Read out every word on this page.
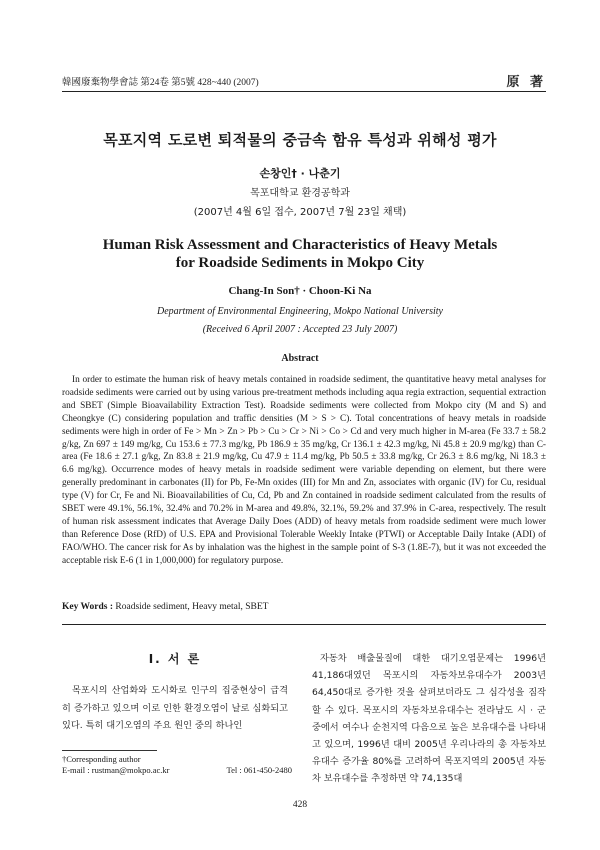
韓國廢棄物學會誌 第24卷 第5號 428~440 (2007)	原 著
목포지역 도로변 퇴적물의 중금속 함유 특성과 위해성 평가
손창인† · 나춘기
목포대학교 환경공학과
(2007년 4월 6일 접수, 2007년 7월 23일 채택)
Human Risk Assessment and Characteristics of Heavy Metals
for Roadside Sediments in Mokpo City
Chang-In Son† · Choon-Ki Na
Department of Environmental Engineering, Mokpo National University
(Received 6 April 2007 : Accepted 23 July 2007)
Abstract
In order to estimate the human risk of heavy metals contained in roadside sediment, the quantitative heavy metal analyses for roadside sediments were carried out by using various pre-treatment methods including aqua regia extraction, sequential extraction and SBET (Simple Bioavailability Extraction Test). Roadside sediments were collected from Mokpo city (M and S) and Cheongkye (C) considering population and traffic densities (M > S > C). Total concentrations of heavy metals in roadside sediments were high in order of Fe > Mn > Zn > Pb > Cu > Cr > Ni > Co > Cd and very much higher in M-area (Fe 33.7 ± 58.2 g/kg, Zn 697 ± 149 mg/kg, Cu 153.6 ± 77.3 mg/kg, Pb 186.9 ± 35 mg/kg, Cr 136.1 ± 42.3 mg/kg, Ni 45.8 ± 20.9 mg/kg) than C-area (Fe 18.6 ± 27.1 g/kg, Zn 83.8 ± 21.9 mg/kg, Cu 47.9 ± 11.4 mg/kg, Pb 50.5 ± 33.8 mg/kg, Cr 26.3 ± 8.6 mg/kg, Ni 18.3 ± 6.6 mg/kg). Occurrence modes of heavy metals in roadside sediment were variable depending on element, but there were generally predominant in carbonates (II) for Pb, Fe-Mn oxides (III) for Mn and Zn, associates with organic (IV) for Cu, residual type (V) for Cr, Fe and Ni. Bioavailabilities of Cu, Cd, Pb and Zn contained in roadside sediment calculated from the results of SBET were 49.1%, 56.1%, 32.4% and 70.2% in M-area and 49.8%, 32.1%, 59.2% and 37.9% in C-area, respectively. The result of human risk assessment indicates that Average Daily Does (ADD) of heavy metals from roadside sediment were much lower than Reference Dose (RfD) of U.S. EPA and Provisional Tolerable Weekly Intake (PTWI) or Acceptable Daily Intake (ADI) of FAO/WHO. The cancer risk for As by inhalation was the highest in the sample point of S-3 (1.8E-7), but it was not exceeded the acceptable risk E-6 (1 in 1,000,000) for regulatory purpose.
Key Words : Roadside sediment, Heavy metal, SBET
I. 서 론
목포시의 산업화와 도시화로 인구의 집중현상이 급격히 증가하고 있으며 이로 인한 환경오염이 날로 심화되고 있다. 특히 대기오염의 주요 원인 중의 하나인
자동차 배출물질에 대한 대기오염문제는 1996년 41,186대였던 목포시의 자동차보유대수가 2003년 64,450대로 증가한 것을 살펴보더라도 그 심각성을 짐작할 수 있다. 목포시의 자동차보유대수는 전라남도 시 · 군 중에서 여수나 순천지역 다음으로 높은 보유대수를 나타내고 있으며, 1996년 대비 2005년 우리나라의 총 자동차보유대수 증가율 80%를 고려하여 목포지역의 2005년 자동차 보유대수를 추정하면 약 74,135대
†Corresponding author
E-mail : rustman@mokpo.ac.kr	Tel : 061-450-2480
428
